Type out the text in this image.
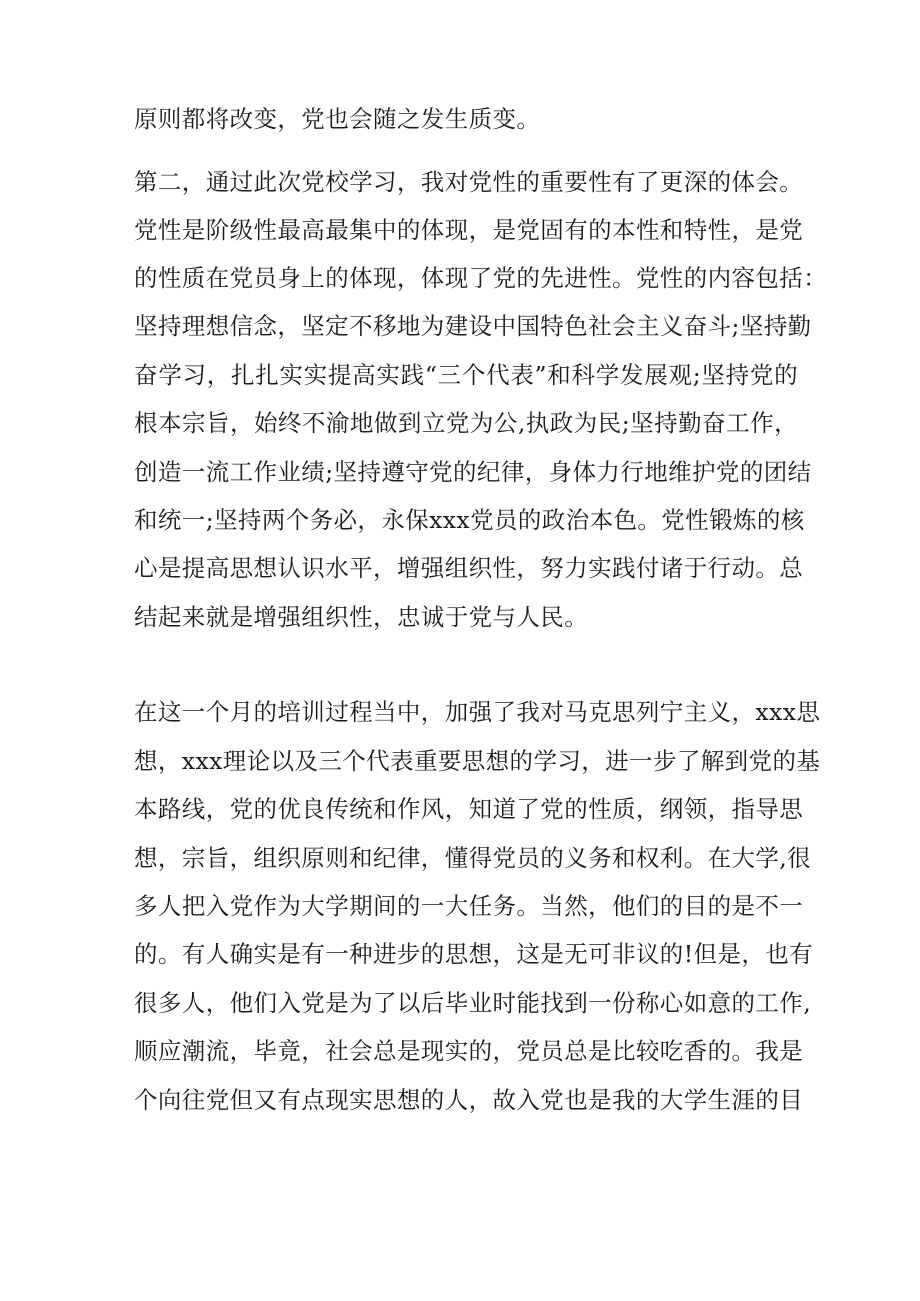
原则都将改变，党也会随之发生质变。
第二，通过此次党校学习，我对党性的重要性有了更深的体会。
党性是阶级性最高最集中的体现，是党固有的本性和特性，是党
的性质在党员身上的体现，体现了党的先进性。党性的内容包括：
坚持理想信念，坚定不移地为建设中国特色社会主义奋斗;坚持勤
奋学习，扎扎实实提高实践“三个代表”和科学发展观;坚持党的
根本宗旨，始终不渝地做到立党为公,执政为民;坚持勤奋工作，
创造一流工作业绩;坚持遵守党的纪律，身体力行地维护党的团结
和统一;坚持两个务必，永保xxx党员的政治本色。党性锻炼的核
心是提高思想认识水平，增强组织性，努力实践付诸于行动。总
结起来就是增强组织性，忠诚于党与人民。
在这一个月的培训过程当中，加强了我对马克思列宁主义，xxx思
想，xxx理论以及三个代表重要思想的学习，进一步了解到党的基
本路线，党的优良传统和作风，知道了党的性质，纲领，指导思
想，宗旨，组织原则和纪律，懂得党员的义务和权利。在大学,很
多人把入党作为大学期间的一大任务。当然，他们的目的是不一
的。有人确实是有一种进步的思想，这是无可非议的!但是，也有
很多人，他们入党是为了以后毕业时能找到一份称心如意的工作,
顺应潮流，毕竟，社会总是现实的，党员总是比较吃香的。我是
个向往党但又有点现实思想的人，故入党也是我的大学生涯的目
